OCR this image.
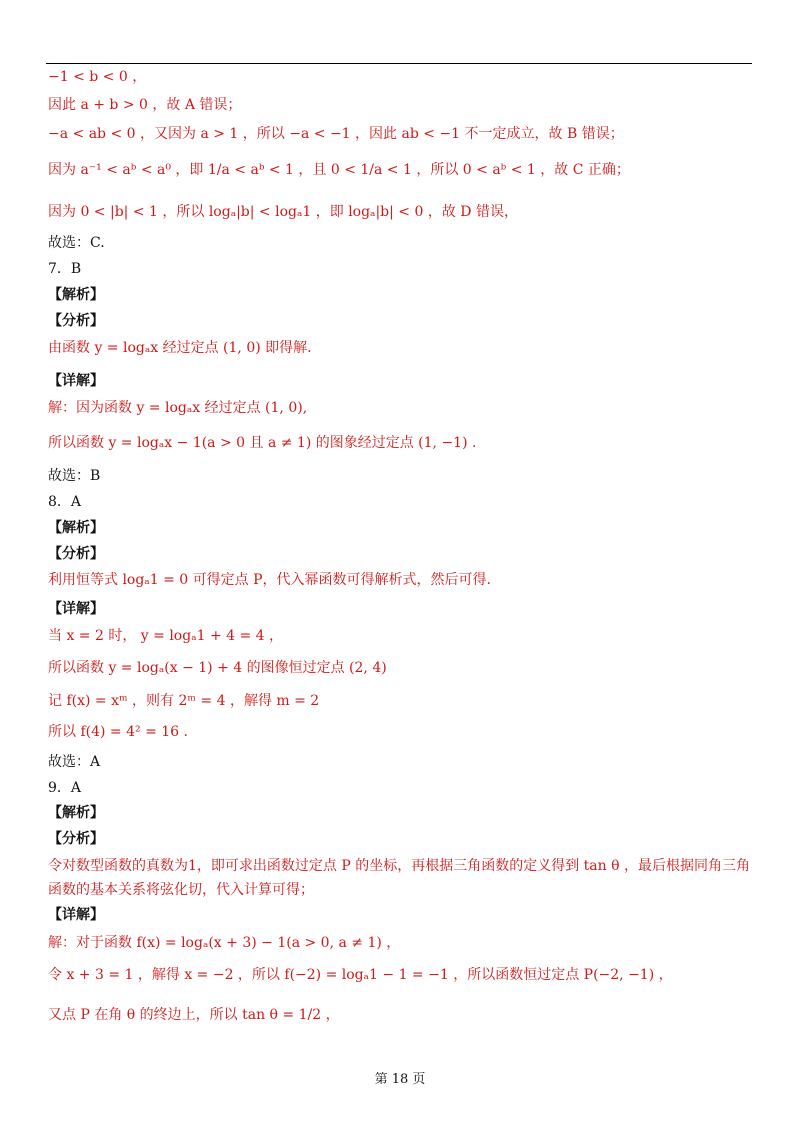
−1 < b < 0 ，
因此 a + b > 0 ，故 A 错误；
−a < ab < 0 ，又因为 a > 1 ，所以 −a < −1 ，因此 ab < −1 不一定成立，故 B 错误；
因为 a⁻¹ < aᵇ < a⁰ ，即 1/a < aᵇ < 1 ，且 0 < 1/a < 1 ，所以 0 < aᵇ < 1 ，故 C 正确；
因为 0 < |b| < 1 ，所以 logₐ|b| < logₐ1 ，即 logₐ|b| < 0 ，故 D 错误，
故选：C.
7．B
【解析】
【分析】
由函数 y = logₐx 经过定点 (1, 0) 即得解.
【详解】
解：因为函数 y = logₐx 经过定点 (1, 0),
所以函数 y = logₐx − 1(a > 0 且 a ≠ 1) 的图象经过定点 (1, −1) .
故选：B
8．A
【解析】
【分析】
利用恒等式 logₐ1 = 0 可得定点 P，代入幂函数可得解析式，然后可得.
【详解】
当 x = 2 时， y = logₐ1 + 4 = 4 ，
所以函数 y = logₐ(x − 1) + 4 的图像恒过定点 (2, 4)
记 f(x) = xᵐ ，则有 2ᵐ = 4 ，解得 m = 2
所以 f(4) = 4² = 16 .
故选：A
9．A
【解析】
【分析】
令对数型函数的真数为1，即可求出函数过定点 P 的坐标，再根据三角函数的定义得到 tan θ ，最后根据同角三角
函数的基本关系将弦化切，代入计算可得；
【详解】
解：对于函数 f(x) = logₐ(x + 3) − 1(a > 0, a ≠ 1) ，
令 x + 3 = 1 ，解得 x = −2 ，所以 f(−2) = logₐ1 − 1 = −1 ，所以函数恒过定点 P(−2, −1) ，
又点 P 在角 θ 的终边上，所以 tan θ = 1/2 ，
第 18 页
